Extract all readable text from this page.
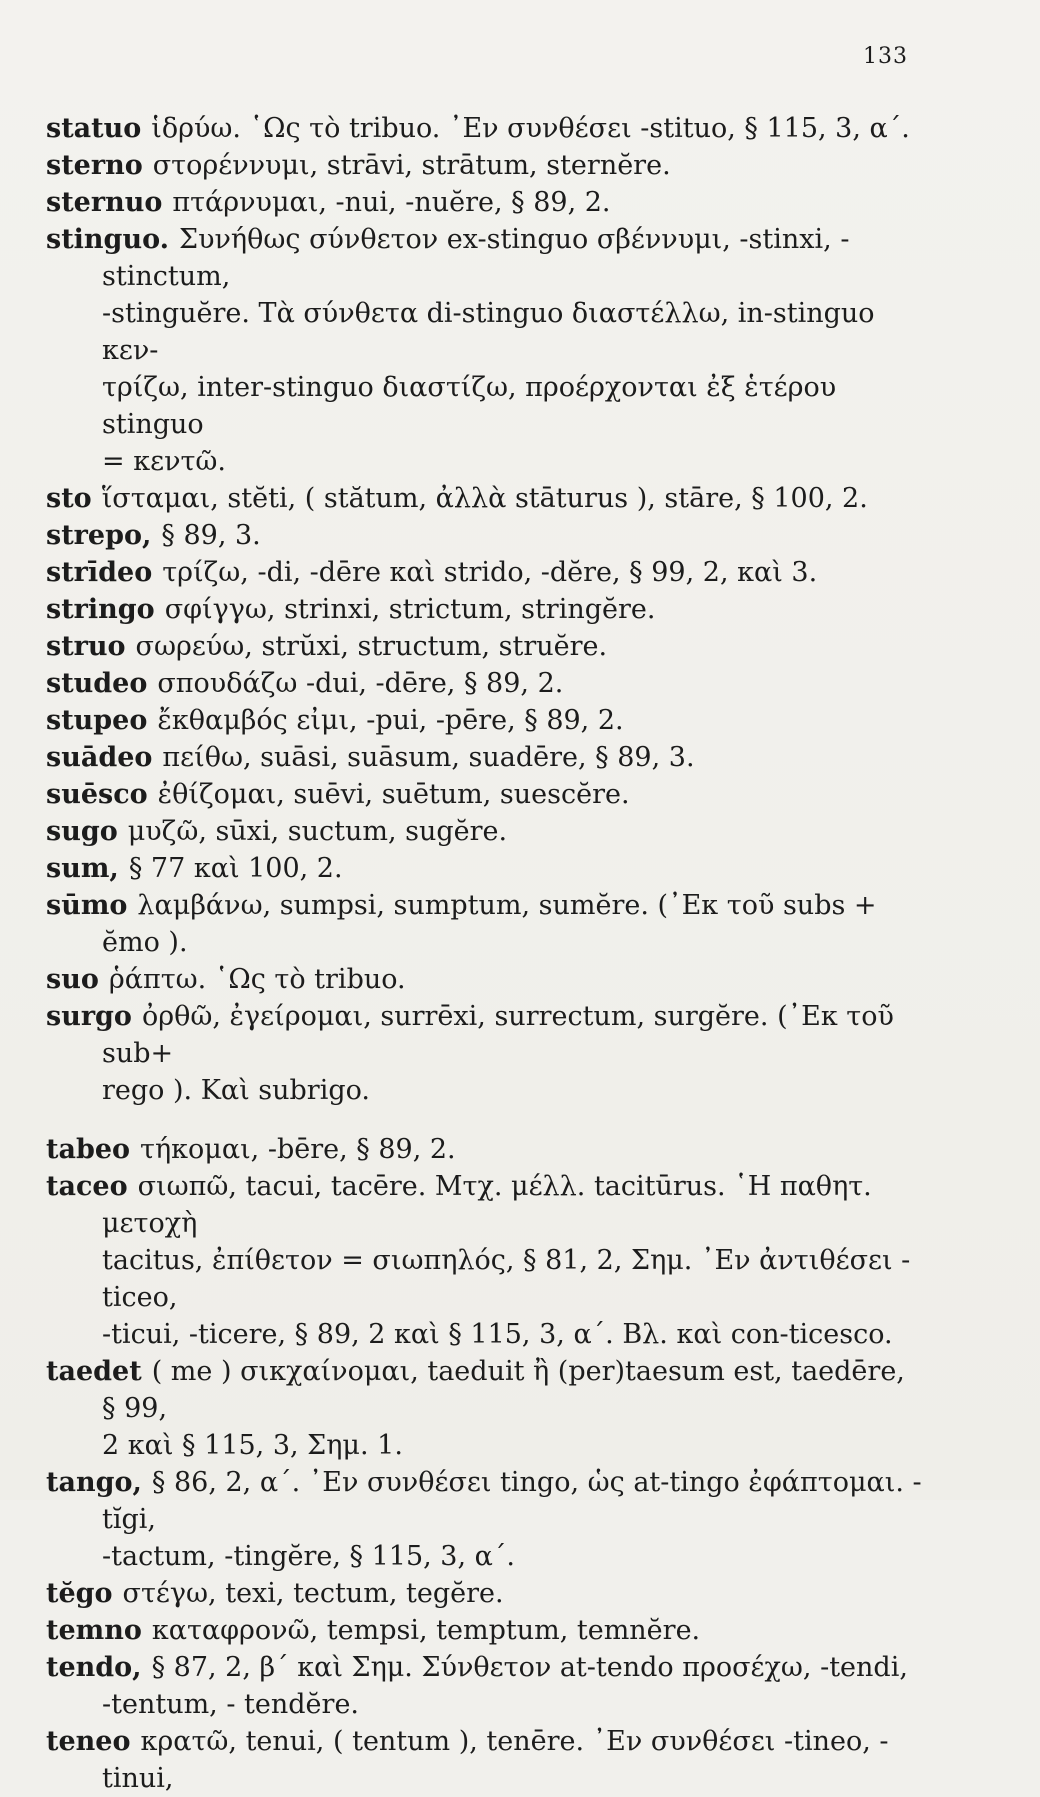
133

statuo ἱδρύω. ῾Ως τὸ tribuo. ᾿Εν συνθέσει -stituo, § 115, 3, α΄.

sterno στορέννυμι, strāvi, strātum, sternĕre.

sternuo πτάρνυμαι, -nui, -nuĕre, § 89, 2.

stinguo. Συνήθως σύνθετον ex-stinguo σβέννυμι, -stinxi, -stinctum,
-stinguĕre. Τὰ σύνθετα di-stinguo διαστέλλω, in-stinguo κεν-
τρίζω, inter-stinguo διαστίζω, προέρχονται ἐξ ἑτέρου stinguo
= κεντῶ.

sto ἵσταμαι, stĕti, ( stătum, ἀλλὰ stāturus ), stāre, § 100, 2.

strepo, § 89, 3.

strīdeo τρίζω, -di, -dēre καὶ strido, -dĕre, § 99, 2, καὶ 3.

stringo σφίγγω, strinxi, strictum, stringĕre.

struo σωρεύω, strŭxi, structum, struĕre.

studeo σπουδάζω -dui, -dēre, § 89, 2.

stupeo ἔκθαμβός εἰμι, -pui, -pēre, § 89, 2.

suādeo πείθω, suāsi, suāsum, suadēre, § 89, 3.

suēsco ἐθίζομαι, suēvi, suētum, suescĕre.

sugo μυζῶ, sūxi, suctum, sugĕre.

sum, § 77 καὶ 100, 2.

sūmo λαμβάνω, sumpsi, sumptum, sumĕre. (᾿Εκ τοῦ subs + ĕmo ).

suo ῥάπτω. ῾Ως τὸ tribuo.

surgo ὀρθῶ, ἐγείρομαι, surrēxi, surrectum, surgĕre. (᾿Εκ τοῦ sub+
rego ). Καὶ subrigo.

tabeo τήκομαι, -bēre, § 89, 2.

taceo σιωπῶ, tacui, tacēre. Μτχ. μέλλ. tacitūrus. ῾Η παθητ. μετοχὴ
tacitus, ἐπίθετον = σιωπηλός, § 81, 2, Σημ. ᾿Εν ἀντιθέσει -ticeo,
-ticui, -ticere, § 89, 2 καὶ § 115, 3, α΄. Βλ. καὶ con-ticesco.

taedet ( me ) σικχαίνομαι, taeduit ἢ (per)taesum est, taedēre, § 99,
2 καὶ § 115, 3, Σημ. 1.

tango, § 86, 2, α΄. ᾿Εν συνθέσει tingo, ὡς at-tingo ἐφάπτομαι. -tĭgi,
-tactum, -tingĕre, § 115, 3, α΄.

tĕgo στέγω, texi, tectum, tegĕre.

temno καταφρονῶ, tempsi, temptum, temnĕre.

tendo, § 87, 2, β΄ καὶ Σημ. Σύνθετον at-tendo προσέχω, -tendi,
-tentum, - tendĕre.

teneo κρατῶ, tenui, ( tentum ), tenēre. ᾿Εν συνθέσει -tineo, -tinui,
